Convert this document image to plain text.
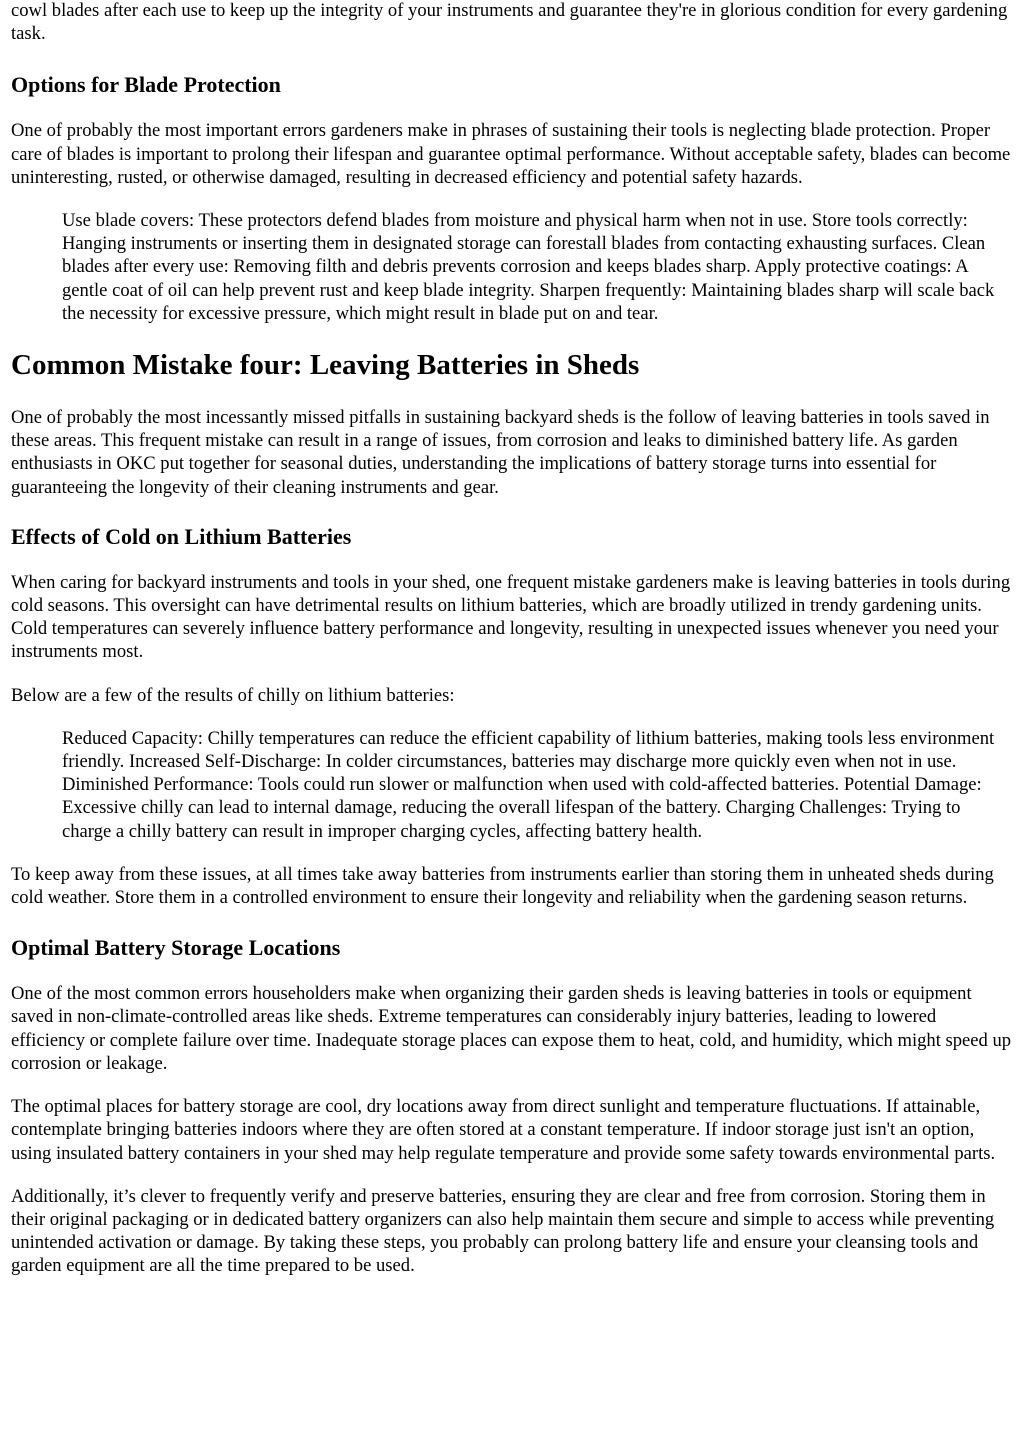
cowl blades after each use to keep up the integrity of your instruments and guarantee they're in glorious condition for every gardening task.

Options for Blade Protection

One of probably the most important errors gardeners make in phrases of sustaining their tools is neglecting blade protection. Proper care of blades is important to prolong their lifespan and guarantee optimal performance. Without acceptable safety, blades can become uninteresting, rusted, or otherwise damaged, resulting in decreased efficiency and potential safety hazards.

Use blade covers: These protectors defend blades from moisture and physical harm when not in use. Store tools correctly: Hanging instruments or inserting them in designated storage can forestall blades from contacting exhausting surfaces. Clean blades after every use: Removing filth and debris prevents corrosion and keeps blades sharp. Apply protective coatings: A gentle coat of oil can help prevent rust and keep blade integrity. Sharpen frequently: Maintaining blades sharp will scale back the necessity for excessive pressure, which might result in blade put on and tear.

Common Mistake four: Leaving Batteries in Sheds

One of probably the most incessantly missed pitfalls in sustaining backyard sheds is the follow of leaving batteries in tools saved in these areas. This frequent mistake can result in a range of issues, from corrosion and leaks to diminished battery life. As garden enthusiasts in OKC put together for seasonal duties, understanding the implications of battery storage turns into essential for guaranteeing the longevity of their cleaning instruments and gear.

Effects of Cold on Lithium Batteries

When caring for backyard instruments and tools in your shed, one frequent mistake gardeners make is leaving batteries in tools during cold seasons. This oversight can have detrimental results on lithium batteries, which are broadly utilized in trendy gardening units. Cold temperatures can severely influence battery performance and longevity, resulting in unexpected issues whenever you need your instruments most.

Below are a few of the results of chilly on lithium batteries:

Reduced Capacity: Chilly temperatures can reduce the efficient capability of lithium batteries, making tools less environment friendly. Increased Self-Discharge: In colder circumstances, batteries may discharge more quickly even when not in use. Diminished Performance: Tools could run slower or malfunction when used with cold-affected batteries. Potential Damage: Excessive chilly can lead to internal damage, reducing the overall lifespan of the battery. Charging Challenges: Trying to charge a chilly battery can result in improper charging cycles, affecting battery health.

To keep away from these issues, at all times take away batteries from instruments earlier than storing them in unheated sheds during cold weather. Store them in a controlled environment to ensure their longevity and reliability when the gardening season returns.

Optimal Battery Storage Locations

One of the most common errors householders make when organizing their garden sheds is leaving batteries in tools or equipment saved in non-climate-controlled areas like sheds. Extreme temperatures can considerably injury batteries, leading to lowered efficiency or complete failure over time. Inadequate storage places can expose them to heat, cold, and humidity, which might speed up corrosion or leakage.

The optimal places for battery storage are cool, dry locations away from direct sunlight and temperature fluctuations. If attainable, contemplate bringing batteries indoors where they are often stored at a constant temperature. If indoor storage just isn't an option, using insulated battery containers in your shed may help regulate temperature and provide some safety towards environmental parts.

Additionally, it’s clever to frequently verify and preserve batteries, ensuring they are clear and free from corrosion. Storing them in their original packaging or in dedicated battery organizers can also help maintain them secure and simple to access while preventing unintended activation or damage. By taking these steps, you probably can prolong battery life and ensure your cleansing tools and garden equipment are all the time prepared to be used.
